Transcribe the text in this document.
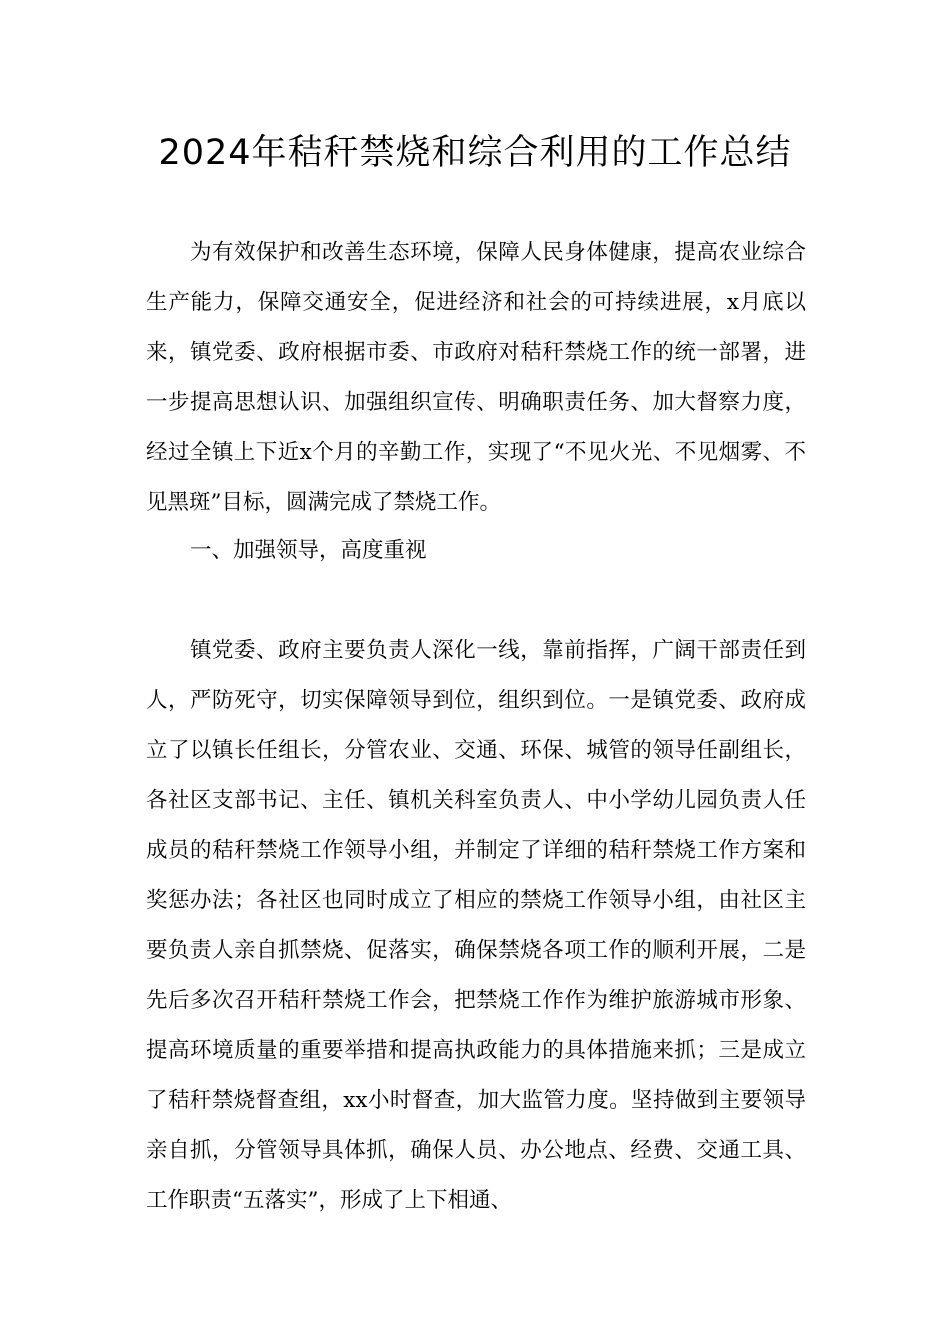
2024年秸秆禁烧和综合利用的工作总结

为有效保护和改善生态环境，保障人民身体健康，提高农业综合生产能力，保障交通安全，促进经济和社会的可持续进展，x月底以来，镇党委、政府根据市委、市政府对秸秆禁烧工作的统一部署，进一步提高思想认识、加强组织宣传、明确职责任务、加大督察力度，经过全镇上下近x个月的辛勤工作，实现了“不见火光、不见烟雾、不见黑斑”目标，圆满完成了禁烧工作。

一、加强领导，高度重视

镇党委、政府主要负责人深化一线，靠前指挥，广阔干部责任到人，严防死守，切实保障领导到位，组织到位。一是镇党委、政府成立了以镇长任组长，分管农业、交通、环保、城管的领导任副组长，各社区支部书记、主任、镇机关科室负责人、中小学幼儿园负责人任成员的秸秆禁烧工作领导小组，并制定了详细的秸秆禁烧工作方案和奖惩办法；各社区也同时成立了相应的禁烧工作领导小组，由社区主要负责人亲自抓禁烧、促落实，确保禁烧各项工作的顺利开展，二是先后多次召开秸秆禁烧工作会，把禁烧工作作为维护旅游城市形象、提高环境质量的重要举措和提高执政能力的具体措施来抓；三是成立了秸秆禁烧督查组，xx小时督查，加大监管力度。坚持做到主要领导亲自抓，分管领导具体抓，确保人员、办公地点、经费、交通工具、工作职责“五落实”，形成了上下相通、
